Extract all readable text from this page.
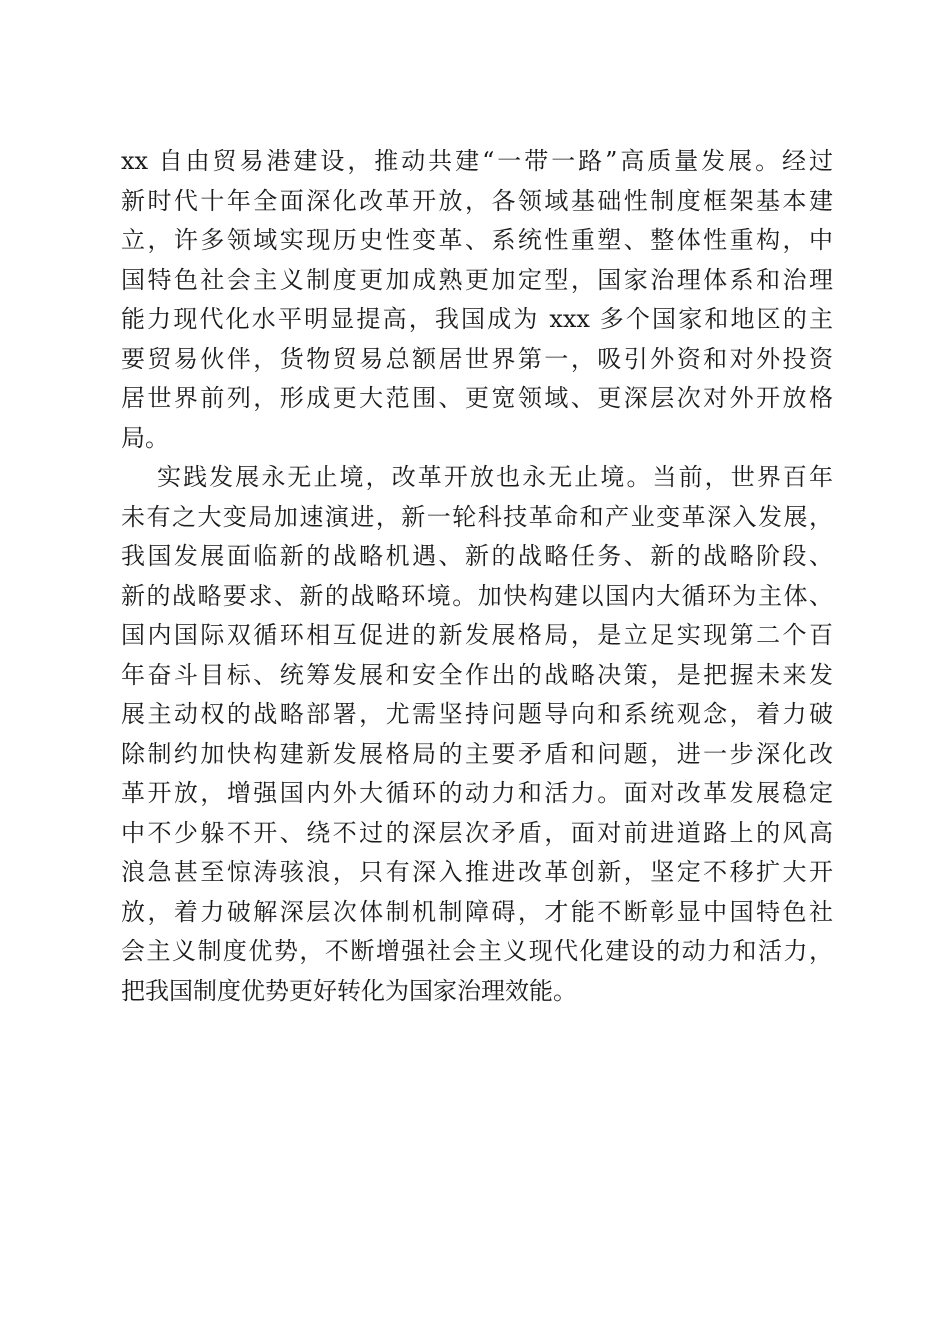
xx 自由贸易港建设，推动共建“一带一路”高质量发展。经过
新时代十年全面深化改革开放，各领域基础性制度框架基本建
立，许多领域实现历史性变革、系统性重塑、整体性重构，中
国特色社会主义制度更加成熟更加定型，国家治理体系和治理
能力现代化水平明显提高，我国成为 xxx 多个国家和地区的主
要贸易伙伴，货物贸易总额居世界第一，吸引外资和对外投资
居世界前列，形成更大范围、更宽领域、更深层次对外开放格
局。
实践发展永无止境，改革开放也永无止境。当前，世界百年
未有之大变局加速演进，新一轮科技革命和产业变革深入发展，
我国发展面临新的战略机遇、新的战略任务、新的战略阶段、
新的战略要求、新的战略环境。加快构建以国内大循环为主体、
国内国际双循环相互促进的新发展格局，是立足实现第二个百
年奋斗目标、统筹发展和安全作出的战略决策，是把握未来发
展主动权的战略部署，尤需坚持问题导向和系统观念，着力破
除制约加快构建新发展格局的主要矛盾和问题，进一步深化改
革开放，增强国内外大循环的动力和活力。面对改革发展稳定
中不少躲不开、绕不过的深层次矛盾，面对前进道路上的风高
浪急甚至惊涛骇浪，只有深入推进改革创新，坚定不移扩大开
放，着力破解深层次体制机制障碍，才能不断彰显中国特色社
会主义制度优势，不断增强社会主义现代化建设的动力和活力，
把我国制度优势更好转化为国家治理效能。
